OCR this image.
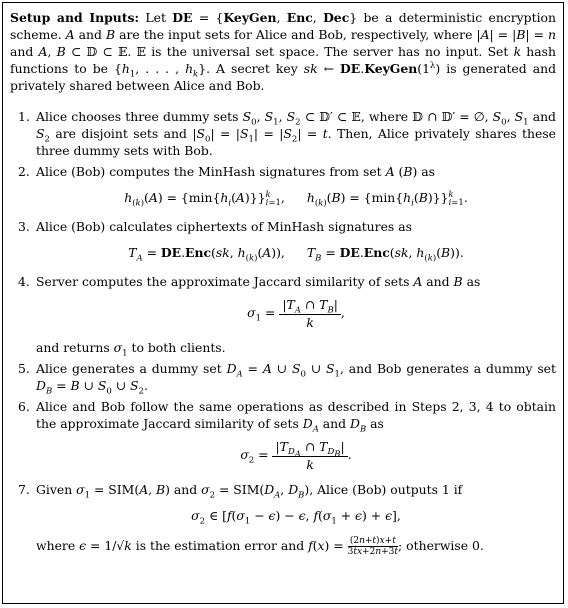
Setup and Inputs: Let DE = {KeyGen, Enc, Dec} be a deterministic encryption scheme. A and B are the input sets for Alice and Bob, respectively, where |A| = |B| = n and A, B ⊂ 𝔻 ⊂ 𝔼. 𝔼 is the universal set space. The server has no input. Set k hash functions to be {$h_1$, . . . , $h_k$}. A secret key sk ← $DE.KeyGen(1^\lambda)$ is generated and privately shared between Alice and Bob.

1. Alice chooses three dummy sets $S_0$, $S_1$, $S_2$ ⊂ 𝔻′ ⊂ 𝔼, where 𝔻 ∩ 𝔻′ = ∅, $S_0$, $S_1$ and $S_2$ are disjoint sets and $|S_0| = |S_1| = |S_2| = t$. Then, Alice privately shares these three dummy sets with Bob.
2. Alice (Bob) computes the MinHash signatures from set A (B) as
$h_{(k)}(A) = \{\min\{h_i(A)\}\}^k_{i=1}$, $h_{(k)}(B) = \{\min\{h_i(B)\}\}^k_{i=1}$.
3. Alice (Bob) calculates ciphertexts of MinHash signatures as
$T_A = DE.Enc(sk$, $h_{(k)}(A)$), $T_B = DE.Enc(sk$, $h_{(k)}(B)$).
4. Server computes the approximate Jaccard similarity of sets A and B as
$\sigma_1 = \frac{|T_A \cap T_B|}{k}$ ,
and returns $\sigma_1$ to both clients.
5. Alice generates a dummy set $D_A = A$ ∪ $S_0$ ∪ $S_1$, and Bob generates a dummy set $D_B = B$ ∪ $S_0$ ∪ $S_2$.
6. Alice and Bob follow the same operations as described in Steps 2, 3, 4 to obtain the approximate Jaccard similarity of sets $D_A$ and $D_B$ as
$\sigma_2 = \frac{|T_{D_A} \cap T_{D_B}|}{k}$ .
7. Given $\sigma_1 = SIM(A$, B) and $\sigma_2 = SIM(D_A$, $D_B$), Alice (Bob) outputs 1 if
$\sigma_2$ ∈ [$f(\sigma_1 - \epsilon) - \epsilon$, $f(\sigma_1 + \epsilon) + \epsilon$],
where ϵ = 1/√k is the estimation error and $f(x) = \frac{(2n+t)x+t}{3tx+2n+3t}$ ; otherwise 0.
